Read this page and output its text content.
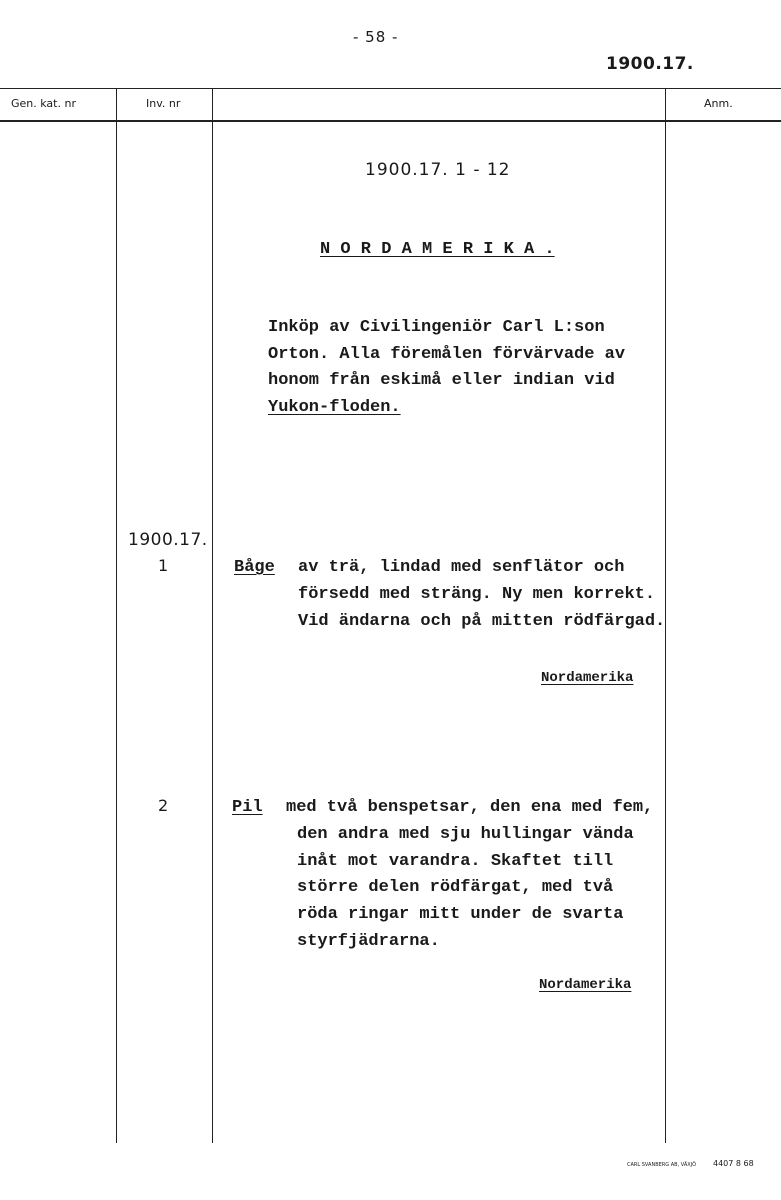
- 58 -
1900.17.
Gen. kat. nr	Inv. nr	Anm.
1900.17. 1 - 12
N O R D A M E R I K A .
Inköp av Civilingeniör Carl L:son
Orton. Alla föremålen förvärvade av
honom från eskimå eller indian vid
Yukon-floden.
1900.17.
1	Båge av trä, lindad med senflätor och
försedd med sträng. Ny men korrekt.
Vid ändarna och på mitten rödfärgad.
Nordamerika
2	Pil med två benspetsar, den ena med fem,
den andra med sju hullingar vända
inåt mot varandra. Skaftet till
större delen rödfärgat, med två
röda ringar mitt under de svarta
styrfjädrarna.
Nordamerika
CARL SVANBERG AB, VÄXJÖ 4407 8 68
